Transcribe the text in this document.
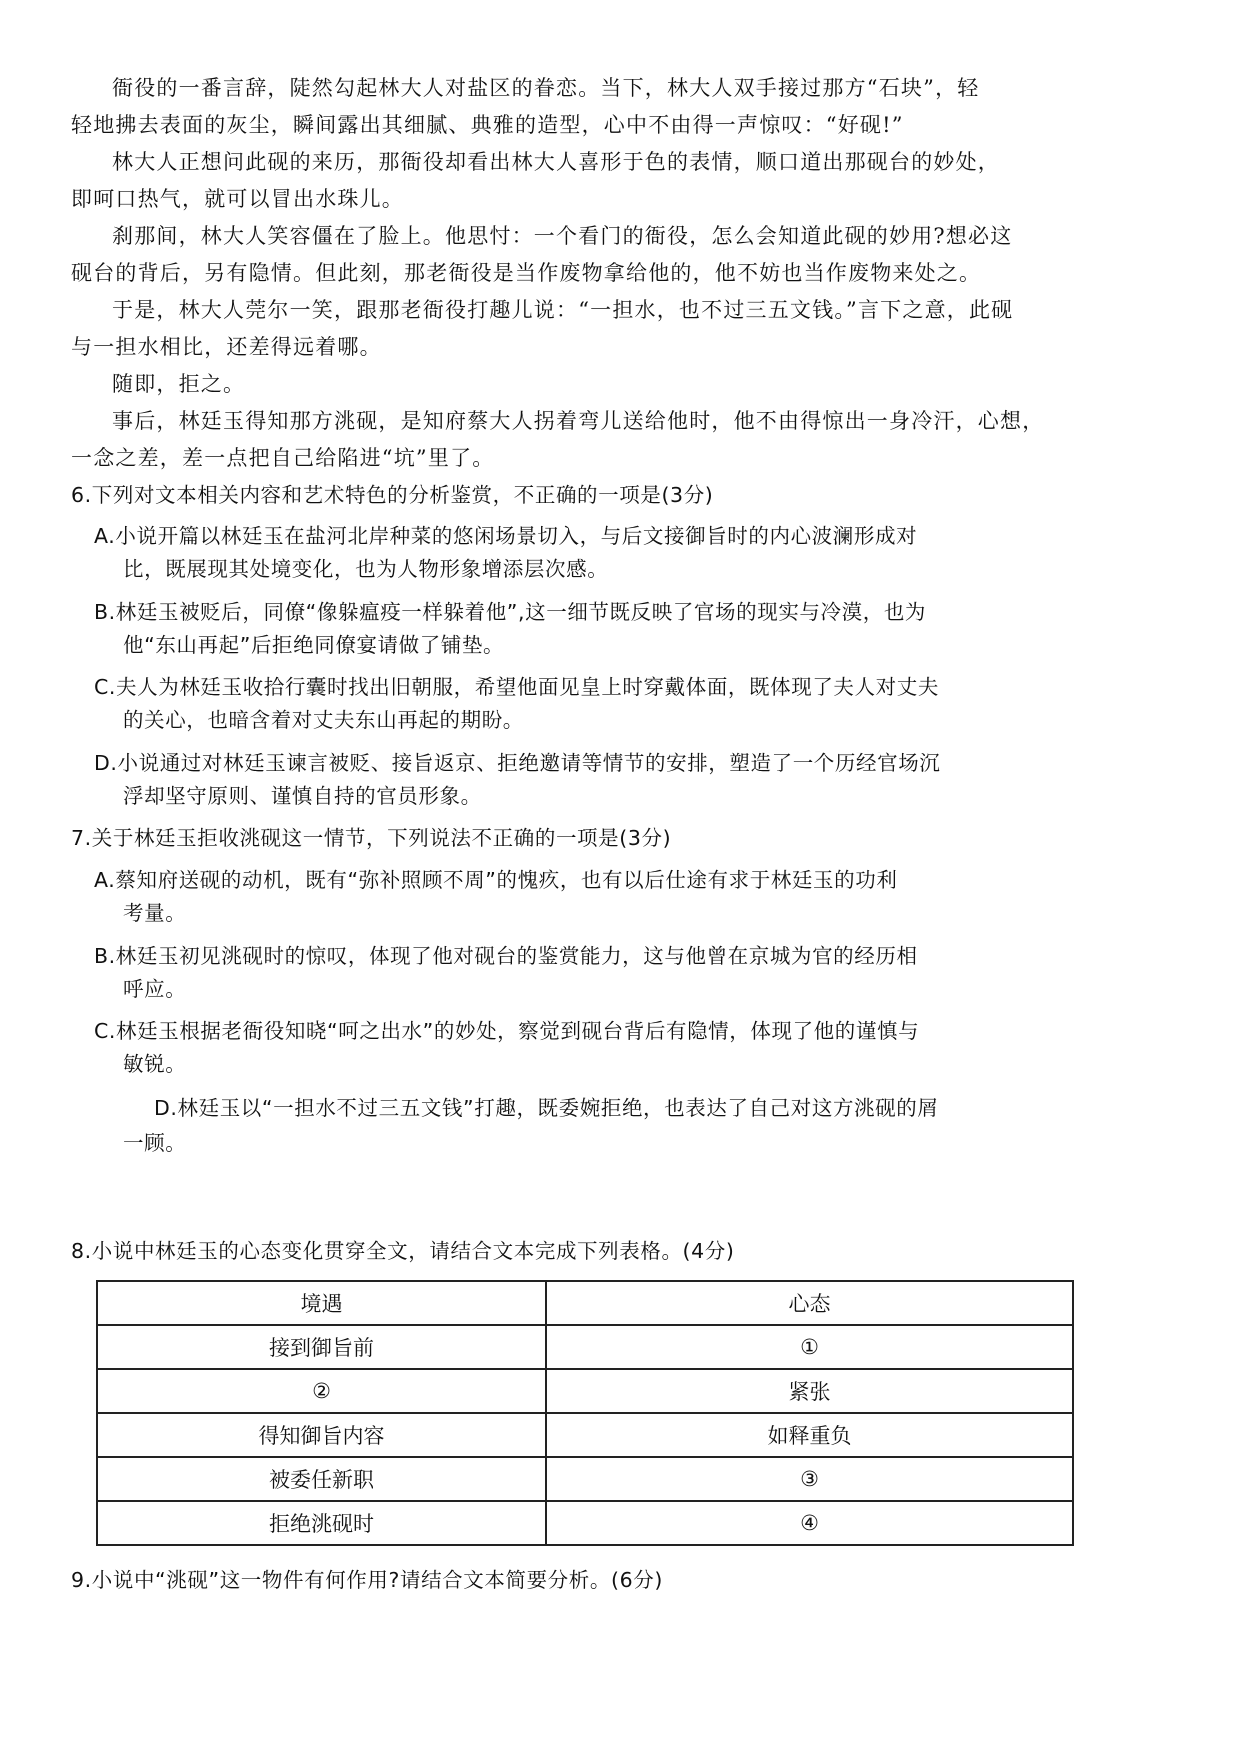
衙役的一番言辞，陡然勾起林大人对盐区的眷恋。当下，林大人双手接过那方“石块”，轻
轻地拂去表面的灰尘，瞬间露出其细腻、典雅的造型，心中不由得一声惊叹：“好砚!”
林大人正想问此砚的来历，那衙役却看出林大人喜形于色的表情，顺口道出那砚台的妙处，
即呵口热气，就可以冒出水珠儿。
刹那间，林大人笑容僵在了脸上。他思忖：一个看门的衙役，怎么会知道此砚的妙用?想必这
砚台的背后，另有隐情。但此刻，那老衙役是当作废物拿给他的，他不妨也当作废物来处之。
于是，林大人莞尔一笑，跟那老衙役打趣儿说：“一担水，也不过三五文钱。”言下之意，此砚
与一担水相比，还差得远着哪。
随即，拒之。
事后，林廷玉得知那方洮砚，是知府蔡大人拐着弯儿送给他时，他不由得惊出一身冷汗，心想，
一念之差，差一点把自己给陷进“坑”里了。
6.下列对文本相关内容和艺术特色的分析鉴赏，不正确的一项是(3分)
A.小说开篇以林廷玉在盐河北岸种菜的悠闲场景切入，与后文接御旨时的内心波澜形成对
比，既展现其处境变化，也为人物形象增添层次感。
B.林廷玉被贬后，同僚“像躲瘟疫一样躲着他”,这一细节既反映了官场的现实与冷漠，也为
他“东山再起”后拒绝同僚宴请做了铺垫。
C.夫人为林廷玉收拾行囊时找出旧朝服，希望他面见皇上时穿戴体面，既体现了夫人对丈夫
的关心，也暗含着对丈夫东山再起的期盼。
D.小说通过对林廷玉谏言被贬、接旨返京、拒绝邀请等情节的安排，塑造了一个历经官场沉
浮却坚守原则、谨慎自持的官员形象。
7.关于林廷玉拒收洮砚这一情节，下列说法不正确的一项是(3分)
A.蔡知府送砚的动机，既有“弥补照顾不周”的愧疚，也有以后仕途有求于林廷玉的功利
考量。
B.林廷玉初见洮砚时的惊叹，体现了他对砚台的鉴赏能力，这与他曾在京城为官的经历相
呼应。
C.林廷玉根据老衙役知晓“呵之出水”的妙处，察觉到砚台背后有隐情，体现了他的谨慎与
敏锐。
D.林廷玉以“一担水不过三五文钱”打趣，既委婉拒绝，也表达了自己对这方洮砚的屑
一顾。
8.小说中林廷玉的心态变化贯穿全文，请结合文本完成下列表格。(4分)
境遇	心态
接到御旨前	①
②	紧张
得知御旨内容	如释重负
被委任新职	③
拒绝洮砚时	④
9.小说中“洮砚”这一物件有何作用?请结合文本简要分析。(6分)
